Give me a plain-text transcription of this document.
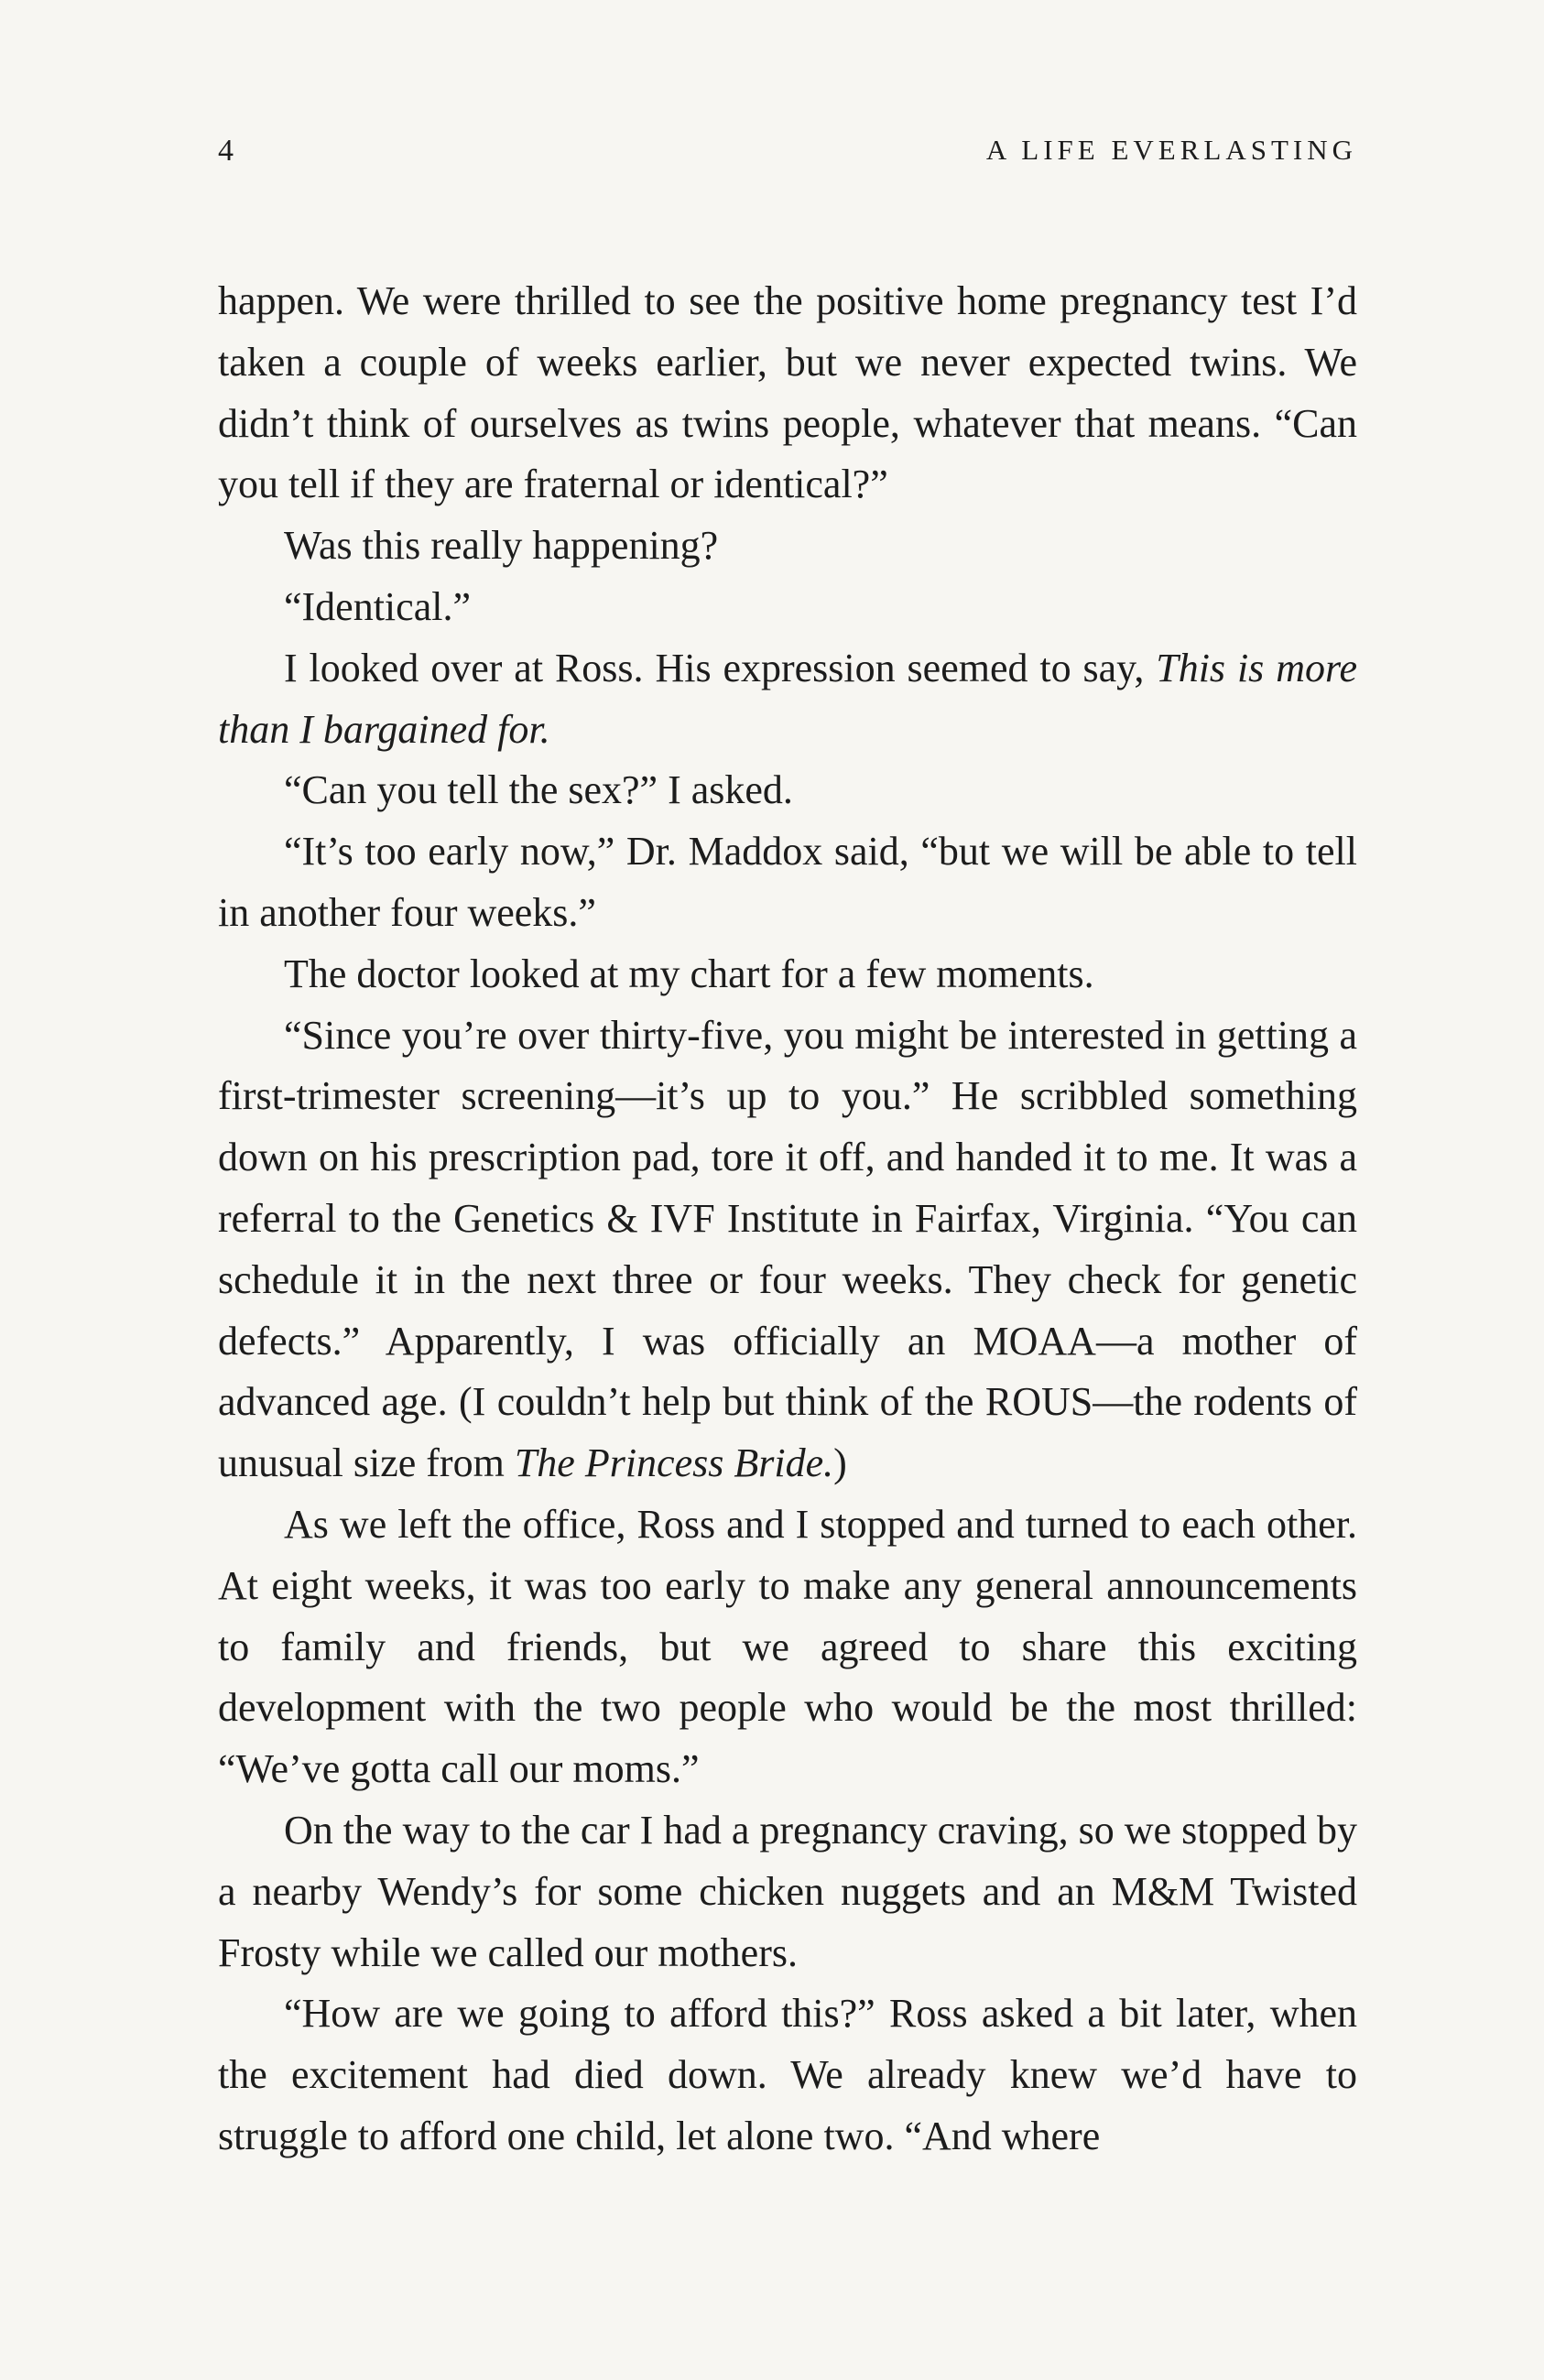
4	A LIFE EVERLASTING

happen. We were thrilled to see the positive home pregnancy test I’d taken a couple of weeks earlier, but we never expected twins. We didn’t think of ourselves as twins people, whatever that means. “Can you tell if they are fraternal or identical?”

Was this really happening?

“Identical.”

I looked over at Ross. His expression seemed to say, This is more than I bargained for.

“Can you tell the sex?” I asked.

“It’s too early now,” Dr. Maddox said, “but we will be able to tell in another four weeks.”

The doctor looked at my chart for a few moments.

“Since you’re over thirty-five, you might be interested in getting a first-trimester screening—it’s up to you.” He scribbled something down on his prescription pad, tore it off, and handed it to me. It was a referral to the Genetics & IVF Institute in Fairfax, Virginia. “You can schedule it in the next three or four weeks. They check for genetic defects.” Apparently, I was officially an MOAA—a mother of advanced age. (I couldn’t help but think of the ROUS—the rodents of unusual size from The Princess Bride.)

As we left the office, Ross and I stopped and turned to each other. At eight weeks, it was too early to make any general announcements to family and friends, but we agreed to share this exciting development with the two people who would be the most thrilled: “We’ve gotta call our moms.”

On the way to the car I had a pregnancy craving, so we stopped by a nearby Wendy’s for some chicken nuggets and an M&M Twisted Frosty while we called our mothers.

“How are we going to afford this?” Ross asked a bit later, when the excitement had died down. We already knew we’d have to struggle to afford one child, let alone two. “And where
